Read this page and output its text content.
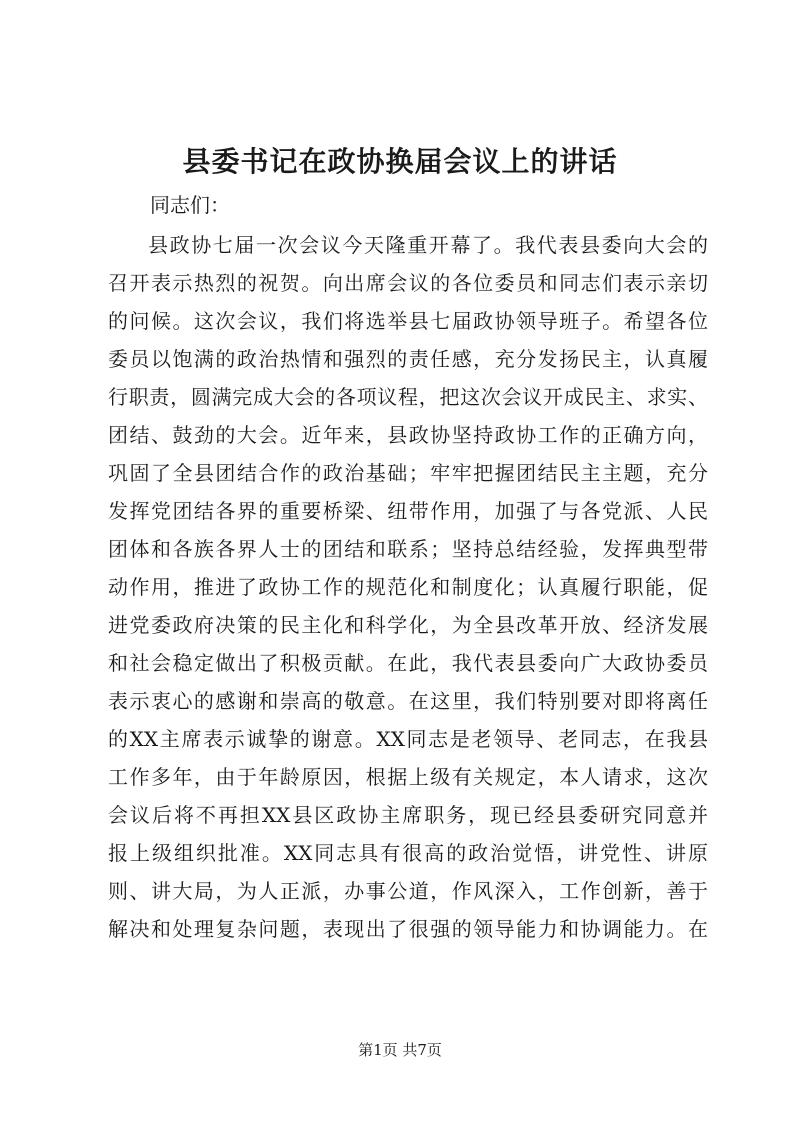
县委书记在政协换届会议上的讲话
同志们：
县政协七届一次会议今天隆重开幕了。我代表县委向大会的
召开表示热烈的祝贺。向出席会议的各位委员和同志们表示亲切
的问候。这次会议，我们将选举县七届政协领导班子。希望各位
委员以饱满的政治热情和强烈的责任感，充分发扬民主，认真履
行职责，圆满完成大会的各项议程，把这次会议开成民主、求实、
团结、鼓劲的大会。近年来，县政协坚持政协工作的正确方向，
巩固了全县团结合作的政治基础；牢牢把握团结民主主题，充分
发挥党团结各界的重要桥梁、纽带作用，加强了与各党派、人民
团体和各族各界人士的团结和联系；坚持总结经验，发挥典型带
动作用，推进了政协工作的规范化和制度化；认真履行职能，促
进党委政府决策的民主化和科学化，为全县改革开放、经济发展
和社会稳定做出了积极贡献。在此，我代表县委向广大政协委员
表示衷心的感谢和崇高的敬意。在这里，我们特别要对即将离任
的XX主席表示诚挚的谢意。XX同志是老领导、老同志，在我县
工作多年，由于年龄原因，根据上级有关规定，本人请求，这次
会议后将不再担XX县区政协主席职务，现已经县委研究同意并
报上级组织批准。XX同志具有很高的政治觉悟，讲党性、讲原
则、讲大局，为人正派，办事公道，作风深入，工作创新，善于
解决和处理复杂问题，表现出了很强的领导能力和协调能力。在
第1页 共7页
